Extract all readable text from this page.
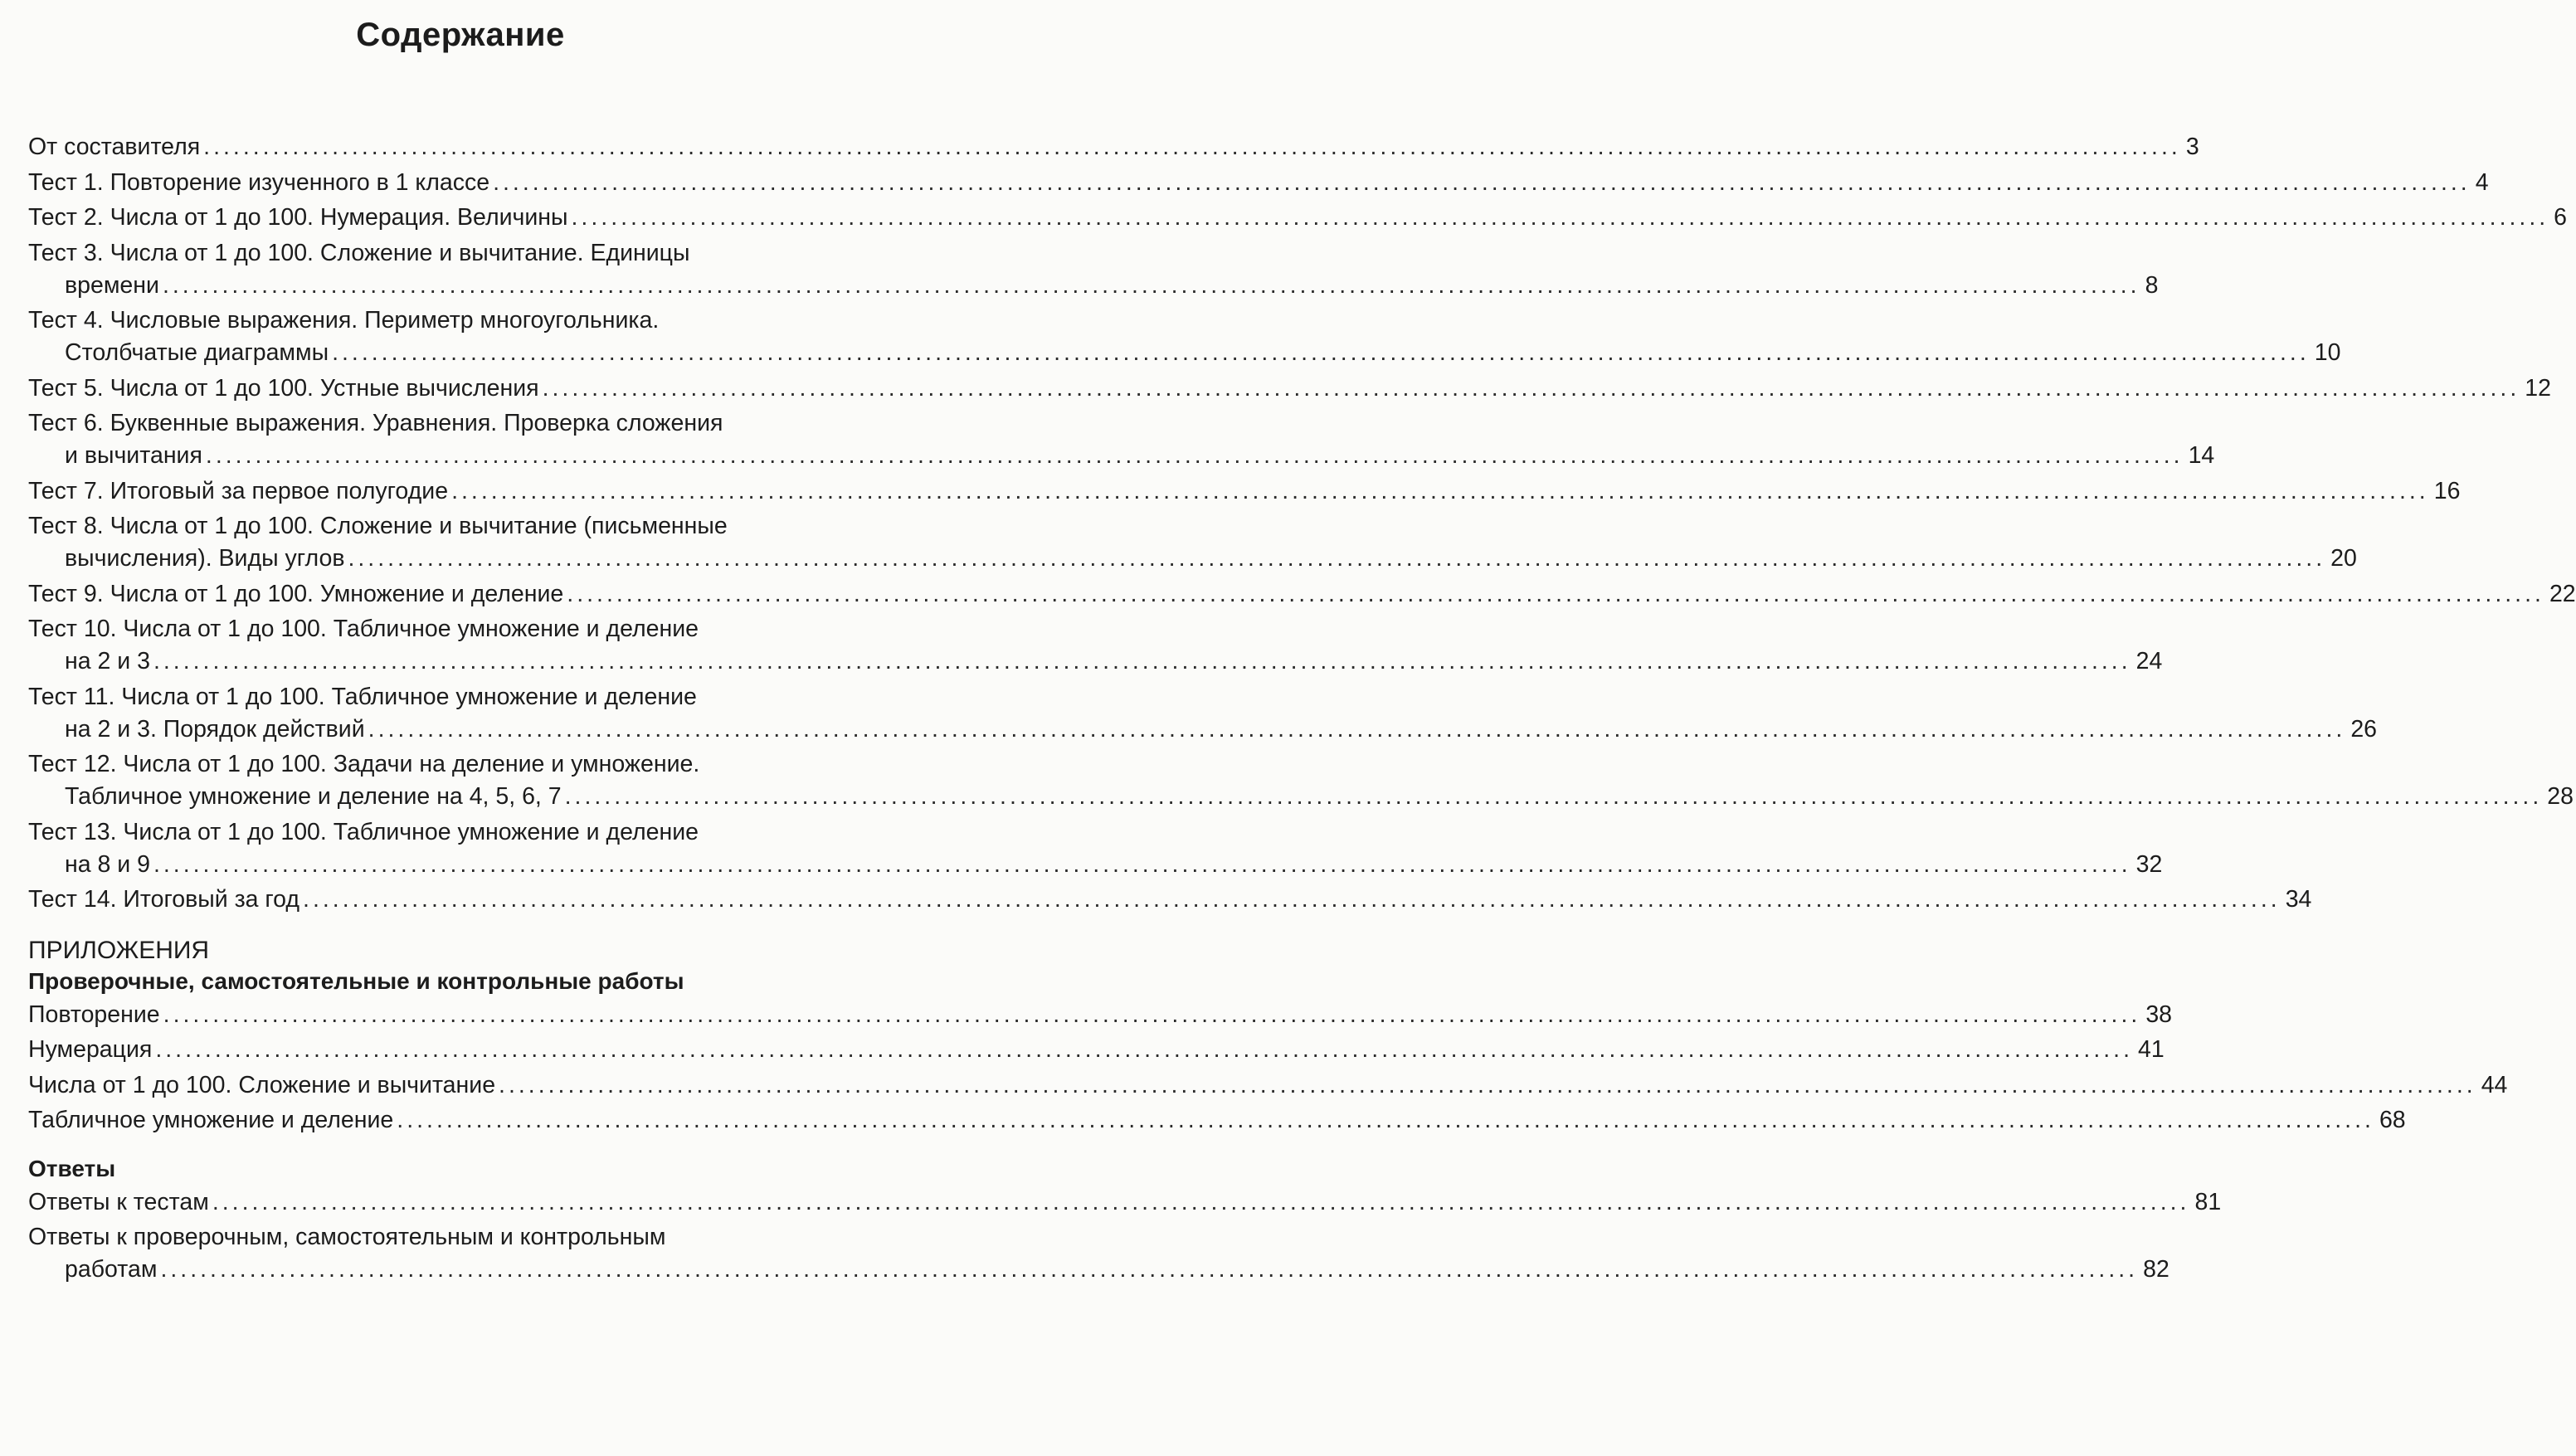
Содержание
От составителя ........................................................................................................................................................................................................ 3
Тест 1. Повторение изученного в 1 классе ........................................................................................................................................................................................................ 4
Тест 2. Числа от 1 до 100. Нумерация. Величины ........................................................................................................................................................................................................ 6
Тест 3. Числа от 1 до 100. Сложение и вычитание. Единицы
времени ........................................................................................................................................................................................................ 8
Тест 4. Числовые выражения. Периметр многоугольника.
Столбчатые диаграммы ........................................................................................................................................................................................................ 10
Тест 5. Числа от 1 до 100. Устные вычисления ........................................................................................................................................................................................................ 12
Тест 6. Буквенные выражения. Уравнения. Проверка сложения
и вычитания ........................................................................................................................................................................................................ 14
Тест 7. Итоговый за первое полугодие ........................................................................................................................................................................................................ 16
Тест 8. Числа от 1 до 100. Сложение и вычитание (письменные
вычисления). Виды углов ........................................................................................................................................................................................................ 20
Тест 9. Числа от 1 до 100. Умножение и деление ........................................................................................................................................................................................................ 22
Тест 10. Числа от 1 до 100. Табличное умножение и деление
на 2 и 3 ........................................................................................................................................................................................................ 24
Тест 11. Числа от 1 до 100. Табличное умножение и деление
на 2 и 3. Порядок действий ........................................................................................................................................................................................................ 26
Тест 12. Числа от 1 до 100. Задачи на деление и умножение.
Табличное умножение и деление на 4, 5, 6, 7 ........................................................................................................................................................................................................ 28
Тест 13. Числа от 1 до 100. Табличное умножение и деление
на 8 и 9 ........................................................................................................................................................................................................ 32
Тест 14. Итоговый за год ........................................................................................................................................................................................................ 34
ПРИЛОЖЕНИЯ
Проверочные, самостоятельные и контрольные работы
Повторение ........................................................................................................................................................................................................ 38
Нумерация ........................................................................................................................................................................................................ 41
Числа от 1 до 100. Сложение и вычитание ........................................................................................................................................................................................................ 44
Табличное умножение и деление ........................................................................................................................................................................................................ 68
Ответы
Ответы к тестам ........................................................................................................................................................................................................ 81
Ответы к проверочным, самостоятельным и контрольным
работам ........................................................................................................................................................................................................ 82
